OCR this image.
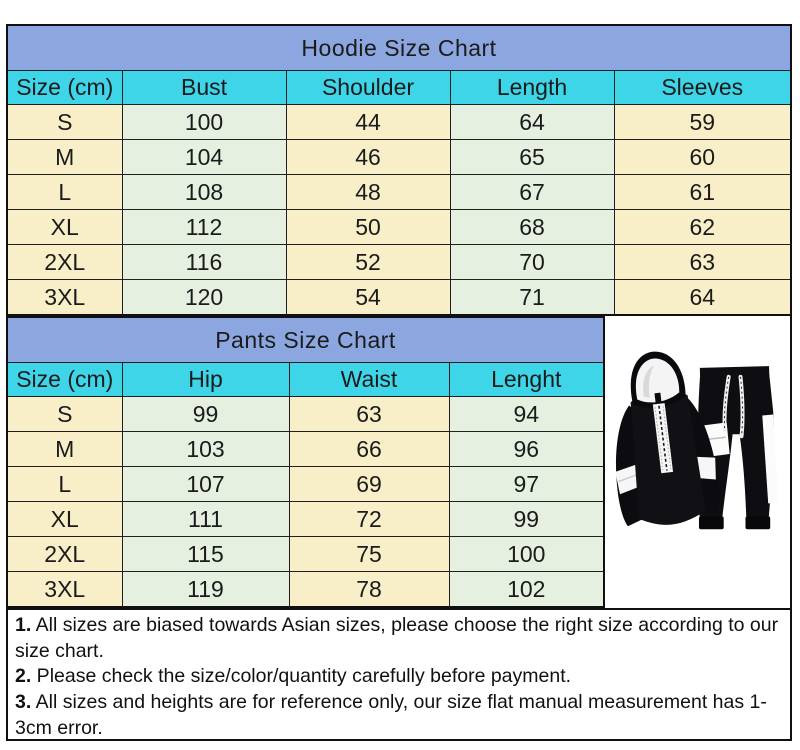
Hoodie Size Chart				
Size (cm)	Bust	Shoulder	Length	Sleeves
S	100	44	64	59
M	104	46	65	60
L	108	48	67	61
XL	112	50	68	62
2XL	116	52	70	63
3XL	120	54	71	64
Pants Size Chart			
Size (cm)	Hip	Waist	Lenght
S	99	63	94
M	103	66	96
L	107	69	97
XL	111	72	99
2XL	115	75	100
3XL	119	78	102

1. All sizes are biased towards Asian sizes, please choose the right size according to our size chart.

2. Please check the size/color/quantity carefully before payment.

3. All sizes and heights are for reference only, our size flat manual measurement has 1-3cm error.
